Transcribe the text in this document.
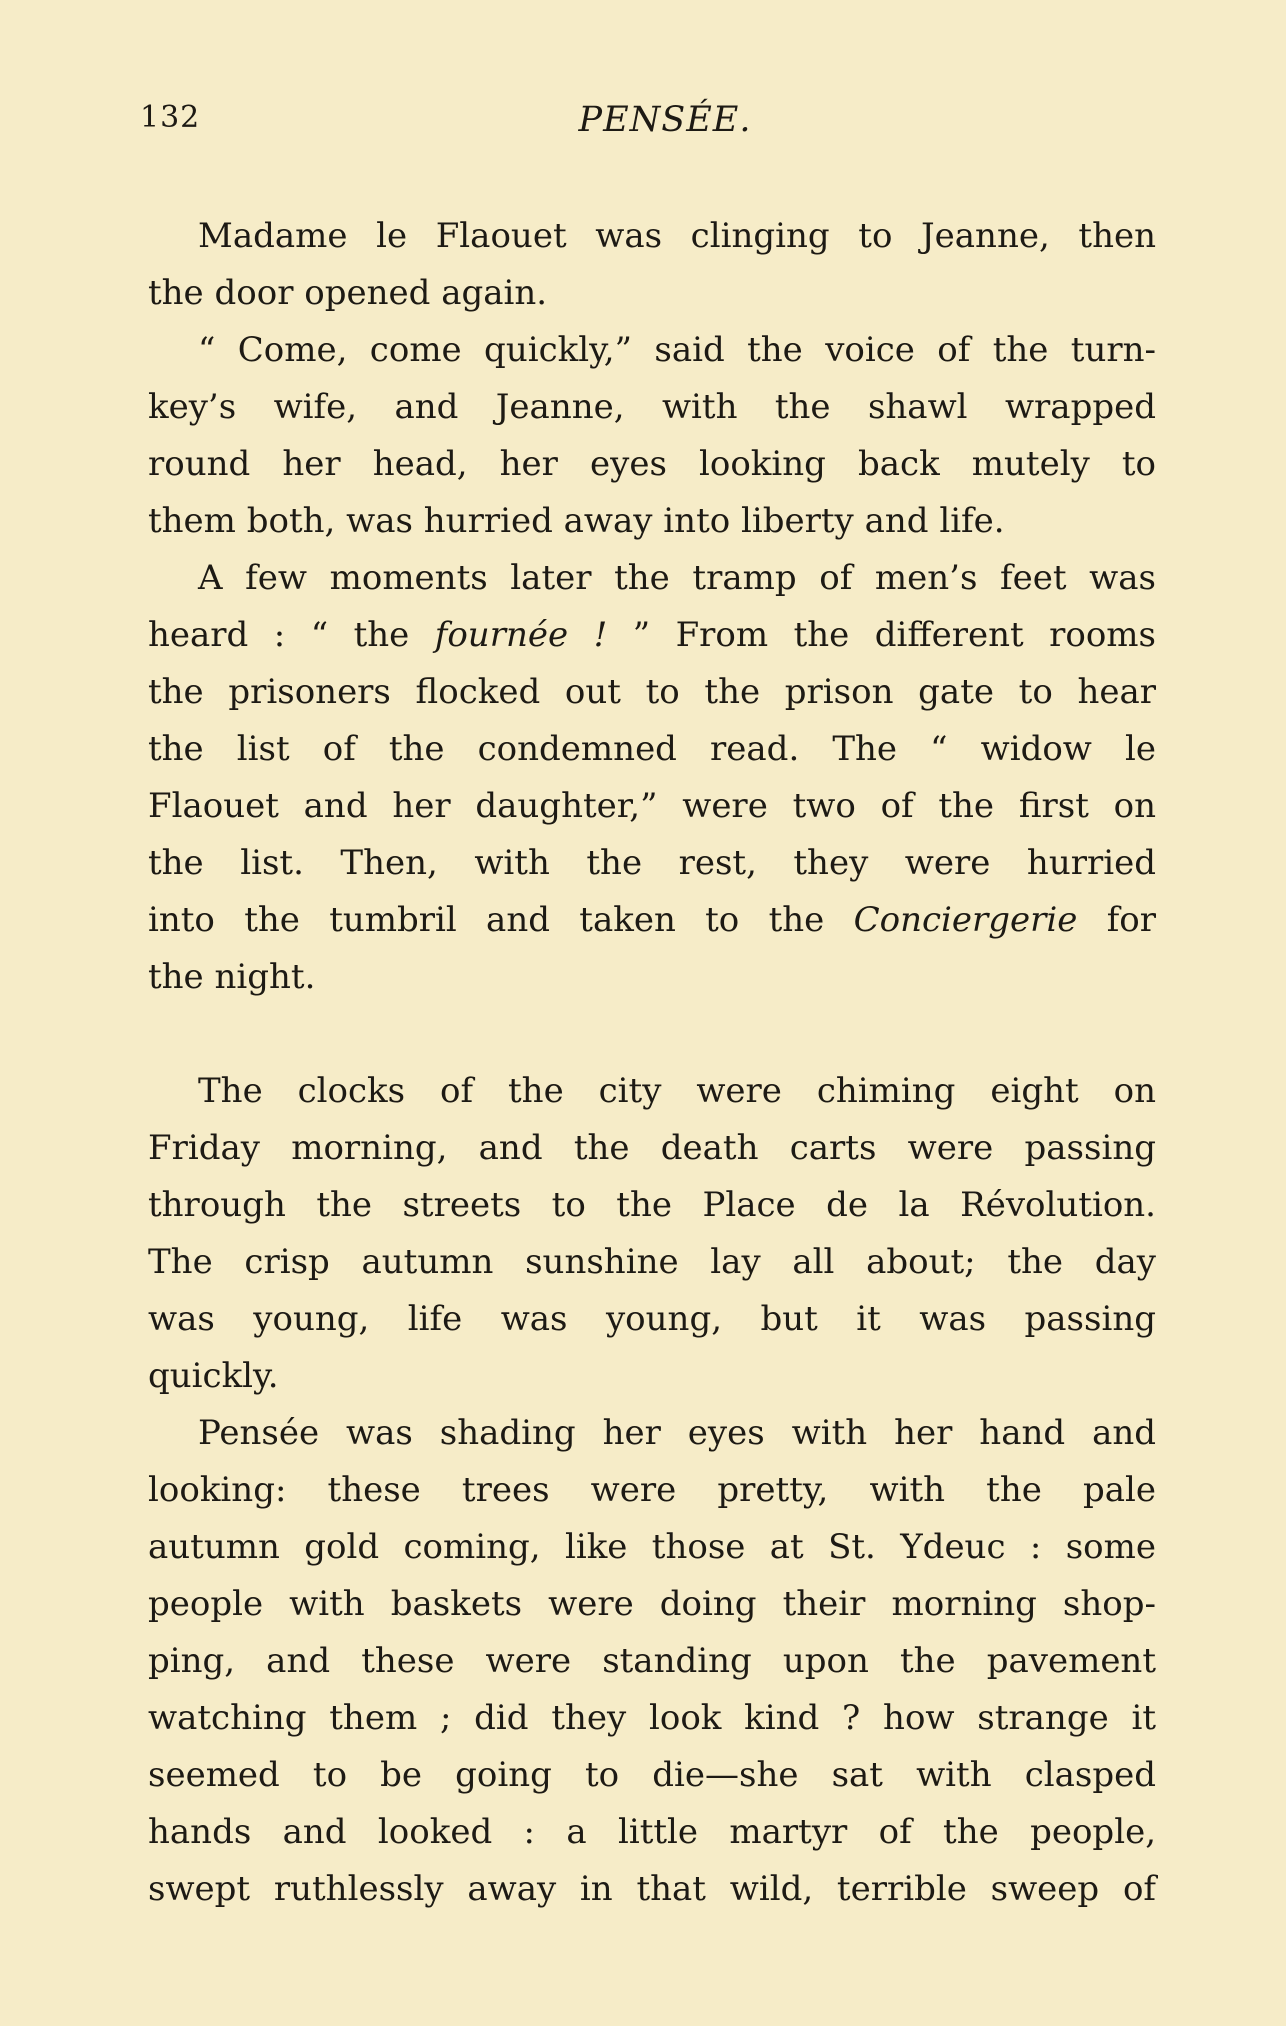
132	PENSÉE.
Madame le Flaouet was clinging to Jeanne, then
the door opened again.
“ Come, come quickly,” said the voice of the turn-
key’s wife, and Jeanne, with the shawl wrapped
round her head, her eyes looking back mutely to
them both, was hurried away into liberty and life.
A few moments later the tramp of men’s feet was
heard : “ the fournée ! ” From the different rooms
the prisoners flocked out to the prison gate to hear
the list of the condemned read. The “ widow le
Flaouet and her daughter,” were two of the first on
the list. Then, with the rest, they were hurried
into the tumbril and taken to the Conciergerie for
the night.
The clocks of the city were chiming eight on
Friday morning, and the death carts were passing
through the streets to the Place de la Révolution.
The crisp autumn sunshine lay all about; the day
was young, life was young, but it was passing
quickly.
Pensée was shading her eyes with her hand and
looking: these trees were pretty, with the pale
autumn gold coming, like those at St. Ydeuc : some
people with baskets were doing their morning shop-
ping, and these were standing upon the pavement
watching them ; did they look kind ? how strange it
seemed to be going to die—she sat with clasped
hands and looked : a little martyr of the people,
swept ruthlessly away in that wild, terrible sweep of
